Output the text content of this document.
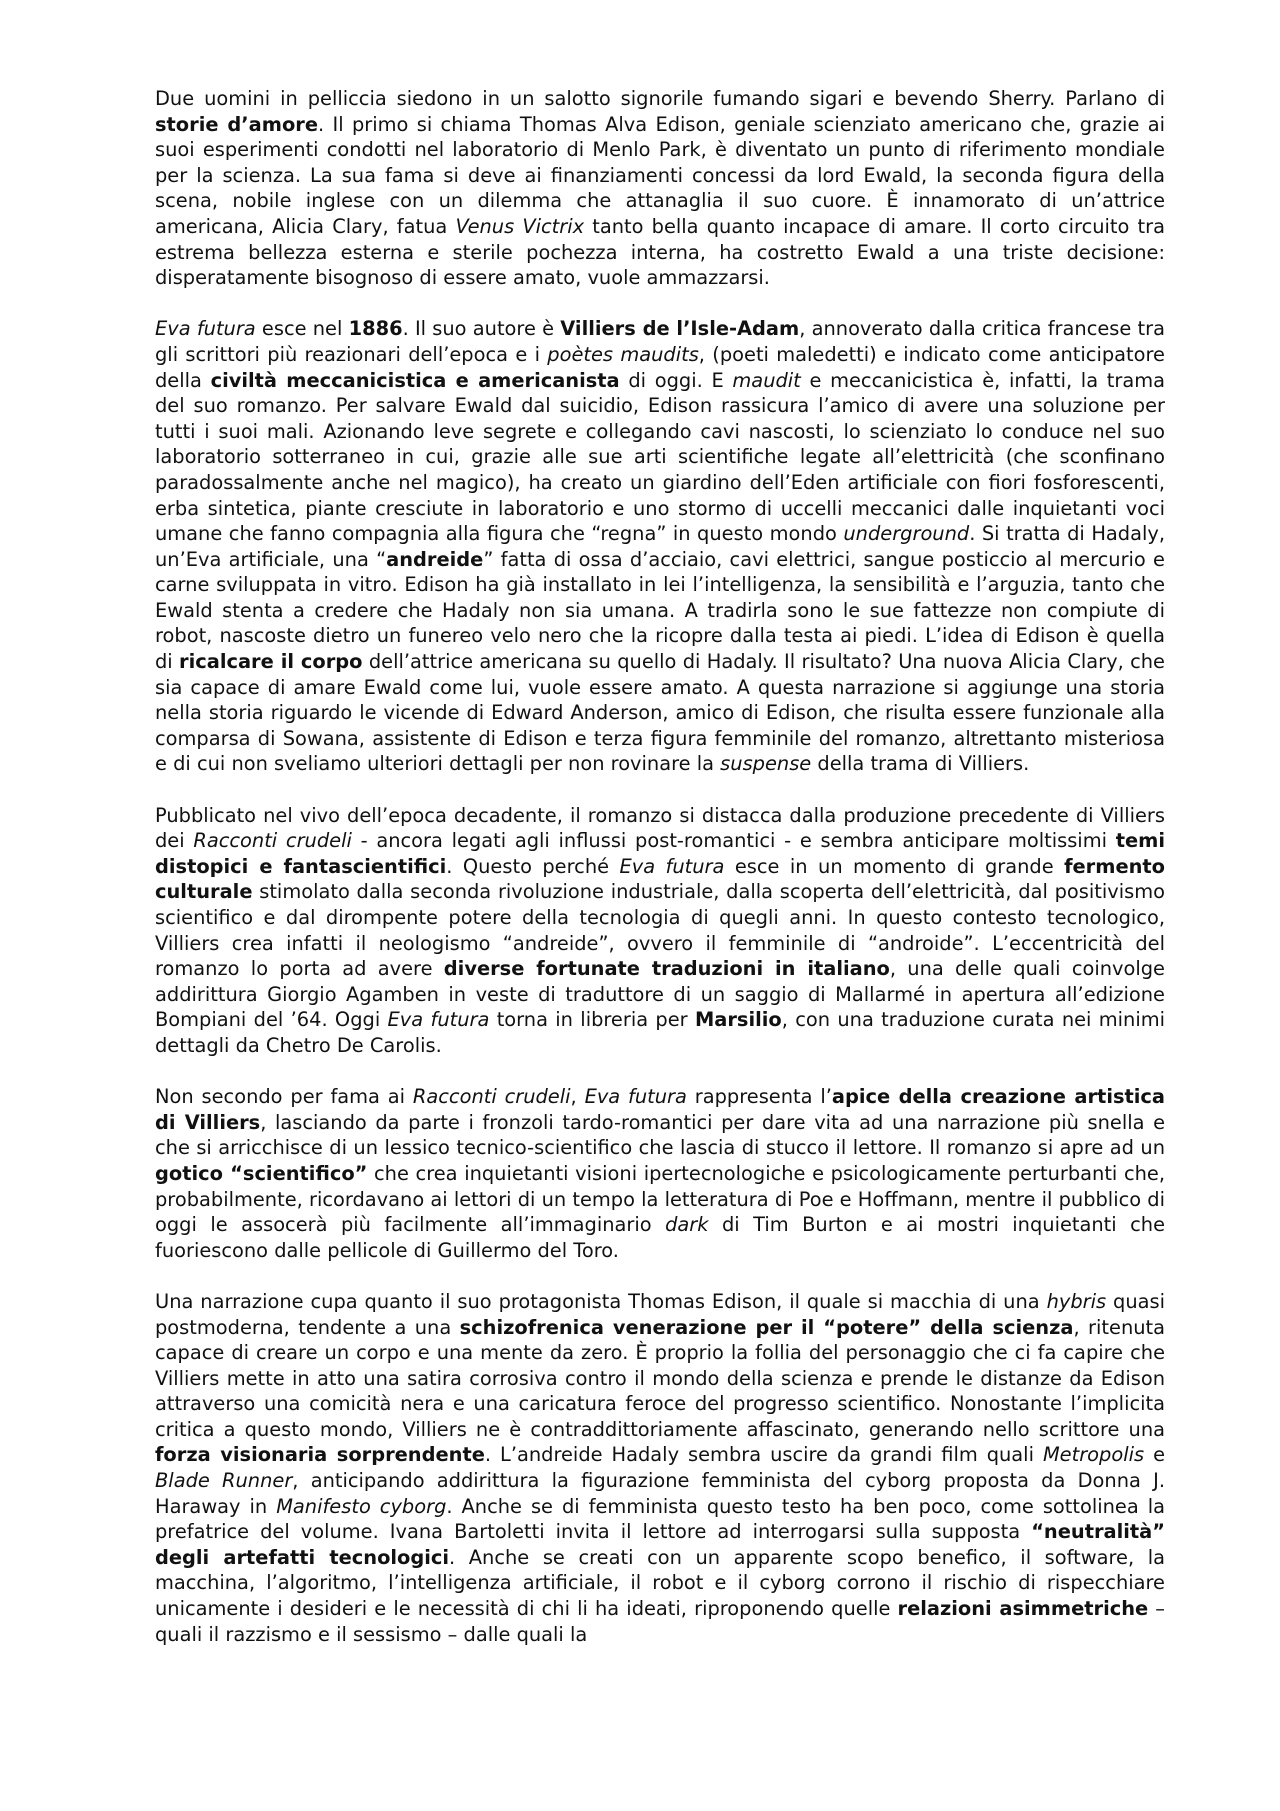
Due uomini in pelliccia siedono in un salotto signorile fumando sigari e bevendo Sherry. Parlano di storie d’amore. Il primo si chiama Thomas Alva Edison, geniale scienziato americano che, grazie ai suoi esperimenti condotti nel laboratorio di Menlo Park, è diventato un punto di riferimento mondiale per la scienza. La sua fama si deve ai finanziamenti concessi da lord Ewald, la seconda figura della scena, nobile inglese con un dilemma che attanaglia il suo cuore. È innamorato di un’attrice americana, Alicia Clary, fatua Venus Victrix tanto bella quanto incapace di amare. Il corto circuito tra estrema bellezza esterna e sterile pochezza interna, ha costretto Ewald a una triste decisione: disperatamente bisognoso di essere amato, vuole ammazzarsi.

Eva futura esce nel 1886. Il suo autore è Villiers de l’Isle-Adam, annoverato dalla critica francese tra gli scrittori più reazionari dell’epoca e i poètes maudits, (poeti maledetti) e indicato come anticipatore della civiltà meccanicistica e americanista di oggi. E maudit e meccanicistica è, infatti, la trama del suo romanzo. Per salvare Ewald dal suicidio, Edison rassicura l’amico di avere una soluzione per tutti i suoi mali. Azionando leve segrete e collegando cavi nascosti, lo scienziato lo conduce nel suo laboratorio sotterraneo in cui, grazie alle sue arti scientifiche legate all’elettricità (che sconfinano paradossalmente anche nel magico), ha creato un giardino dell’Eden artificiale con fiori fosforescenti, erba sintetica, piante cresciute in laboratorio e uno stormo di uccelli meccanici dalle inquietanti voci umane che fanno compagnia alla figura che “regna” in questo mondo underground. Si tratta di Hadaly, un’Eva artificiale, una “andreide” fatta di ossa d’acciaio, cavi elettrici, sangue posticcio al mercurio e carne sviluppata in vitro. Edison ha già installato in lei l’intelligenza, la sensibilità e l’arguzia, tanto che Ewald stenta a credere che Hadaly non sia umana. A tradirla sono le sue fattezze non compiute di robot, nascoste dietro un funereo velo nero che la ricopre dalla testa ai piedi. L’idea di Edison è quella di ricalcare il corpo dell’attrice americana su quello di Hadaly. Il risultato? Una nuova Alicia Clary, che sia capace di amare Ewald come lui, vuole essere amato. A questa narrazione si aggiunge una storia nella storia riguardo le vicende di Edward Anderson, amico di Edison, che risulta essere funzionale alla comparsa di Sowana, assistente di Edison e terza figura femminile del romanzo, altrettanto misteriosa e di cui non sveliamo ulteriori dettagli per non rovinare la suspense della trama di Villiers.

Pubblicato nel vivo dell’epoca decadente, il romanzo si distacca dalla produzione precedente di Villiers dei Racconti crudeli - ancora legati agli influssi post-romantici - e sembra anticipare moltissimi temi distopici e fantascientifici. Questo perché Eva futura esce in un momento di grande fermento culturale stimolato dalla seconda rivoluzione industriale, dalla scoperta dell’elettricità, dal positivismo scientifico e dal dirompente potere della tecnologia di quegli anni. In questo contesto tecnologico, Villiers crea infatti il neologismo “andreide”, ovvero il femminile di “androide”. L’eccentricità del romanzo lo porta ad avere diverse fortunate traduzioni in italiano, una delle quali coinvolge addirittura Giorgio Agamben in veste di traduttore di un saggio di Mallarmé in apertura all’edizione Bompiani del ’64. Oggi Eva futura torna in libreria per Marsilio, con una traduzione curata nei minimi dettagli da Chetro De Carolis.

Non secondo per fama ai Racconti crudeli, Eva futura rappresenta l’apice della creazione artistica di Villiers, lasciando da parte i fronzoli tardo-romantici per dare vita ad una narrazione più snella e che si arricchisce di un lessico tecnico-scientifico che lascia di stucco il lettore. Il romanzo si apre ad un gotico “scientifico” che crea inquietanti visioni ipertecnologiche e psicologicamente perturbanti che, probabilmente, ricordavano ai lettori di un tempo la letteratura di Poe e Hoffmann, mentre il pubblico di oggi le assocerà più facilmente all’immaginario dark di Tim Burton e ai mostri inquietanti che fuoriescono dalle pellicole di Guillermo del Toro.

Una narrazione cupa quanto il suo protagonista Thomas Edison, il quale si macchia di una hybris quasi postmoderna, tendente a una schizofrenica venerazione per il “potere” della scienza, ritenuta capace di creare un corpo e una mente da zero. È proprio la follia del personaggio che ci fa capire che Villiers mette in atto una satira corrosiva contro il mondo della scienza e prende le distanze da Edison attraverso una comicità nera e una caricatura feroce del progresso scientifico. Nonostante l’implicita critica a questo mondo, Villiers ne è contraddittoriamente affascinato, generando nello scrittore una forza visionaria sorprendente. L’andreide Hadaly sembra uscire da grandi film quali Metropolis e Blade Runner, anticipando addirittura la figurazione femminista del cyborg proposta da Donna J. Haraway in Manifesto cyborg. Anche se di femminista questo testo ha ben poco, come sottolinea la prefatrice del volume. Ivana Bartoletti invita il lettore ad interrogarsi sulla supposta “neutralità” degli artefatti tecnologici. Anche se creati con un apparente scopo benefico, il software, la macchina, l’algoritmo, l’intelligenza artificiale, il robot e il cyborg corrono il rischio di rispecchiare unicamente i desideri e le necessità di chi li ha ideati, riproponendo quelle relazioni asimmetriche – quali il razzismo e il sessismo – dalle quali la
